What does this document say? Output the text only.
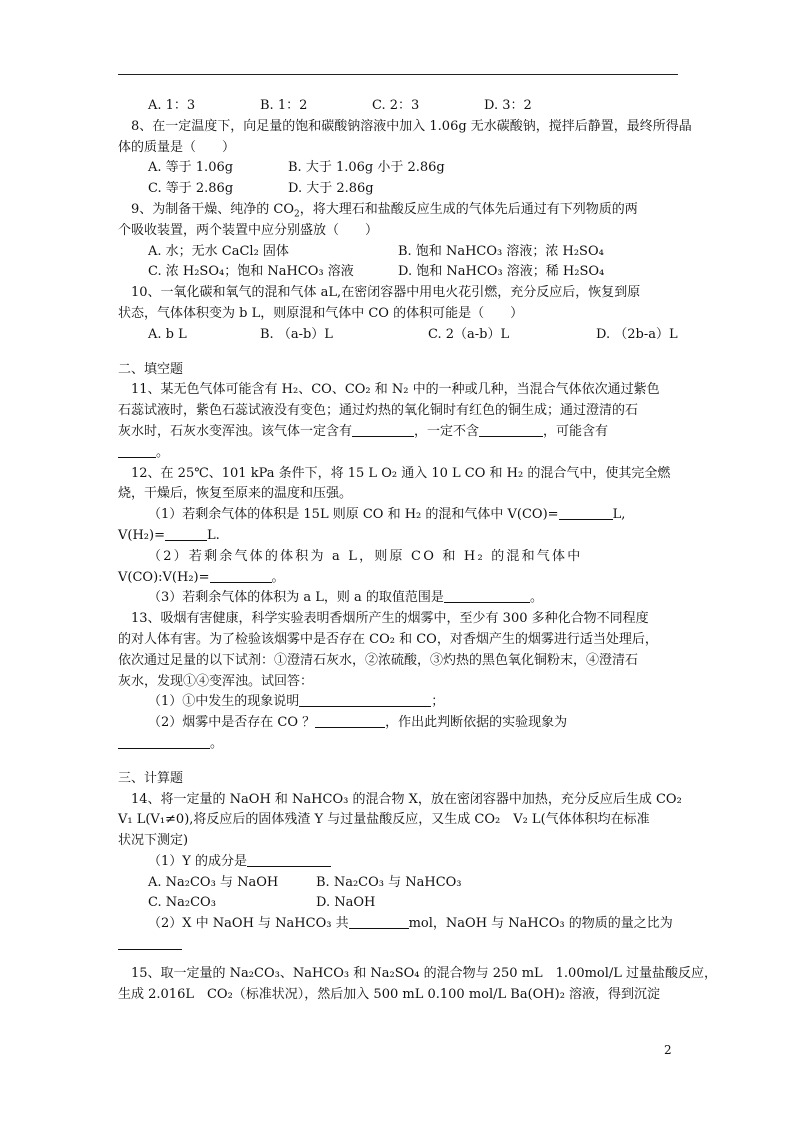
A. 1：3	B. 1：2	C. 2：3	D. 3：2
8、在一定温度下，向足量的饱和碳酸钠溶液中加入 1.06g 无水碳酸钠，搅拌后静置，最终所得晶
体的质量是（　　）
A. 等于 1.06g	B. 大于 1.06g 小于 2.86g
C. 等于 2.86g	D. 大于 2.86g
9、为制备干燥、纯净的 $CO_2$，将大理石和盐酸反应生成的气体先后通过有下列物质的两
个吸收装置，两个装置中应分别盛放（　　）
A. 水；无水 CaCl₂ 固体	B. 饱和 NaHCO₃ 溶液；浓 H₂SO₄
C. 浓 H₂SO₄；饱和 NaHCO₃ 溶液	D. 饱和 NaHCO₃ 溶液；稀 H₂SO₄
10、一氧化碳和氧气的混和气体 aL,在密闭容器中用电火花引燃，充分反应后，恢复到原
状态，气体体积变为 b L，则原混和气体中 CO 的体积可能是（　　）
A. b L	B. （a-b）L	C. 2（a-b）L	D. （2b-a）L
二、填空题
11、某无色气体可能含有 H₂、CO、CO₂ 和 N₂ 中的一种或几种，当混合气体依次通过紫色
石蕊试液时，紫色石蕊试液没有变色；通过灼热的氧化铜时有红色的铜生成；通过澄清的石
灰水时，石灰水变浑浊。该气体一定含有	，一定不含	，可能含有
。
12、在 25℃、101 kPa 条件下，将 15 L O₂ 通入 10 L CO 和 H₂ 的混合气中，使其完全燃
烧，干燥后，恢复至原来的温度和压强。
（1）若剩余气体的体积是 15L 则原 CO 和 H₂ 的混和气体中 V(CO)=	L,
V(H₂)=	L.
（2）若剩余气体的体积为 a L，则原 CO 和 H₂ 的混和气体中
V(CO):V(H₂)=	。
（3）若剩余气体的体积为 a L，则 a 的取值范围是	。
13、吸烟有害健康，科学实验表明香烟所产生的烟雾中，至少有 300 多种化合物不同程度
的对人体有害。为了检验该烟雾中是否存在 CO₂ 和 CO，对香烟产生的烟雾进行适当处理后，
依次通过足量的以下试剂：①澄清石灰水，②浓硫酸，③灼热的黑色氧化铜粉末，④澄清石
灰水，发现①④变浑浊。试回答：
（1）①中发生的现象说明	；
（2）烟雾中是否存在 CO ？	，作出此判断依据的实验现象为
。
三、计算题
14、将一定量的 NaOH 和 NaHCO₃ 的混合物 X，放在密闭容器中加热，充分反应后生成 CO₂
V₁ L(V₁≠0),将反应后的固体残渣 Y 与过量盐酸反应，又生成 CO₂　V₂ L(气体体积均在标准
状况下测定)
（1）Y 的成分是
A. Na₂CO₃ 与 NaOH	B. Na₂CO₃ 与 NaHCO₃
C. Na₂CO₃	D. NaOH
（2）X 中 NaOH 与 NaHCO₃ 共	mol，NaOH 与 NaHCO₃ 的物质的量之比为
15、取一定量的 Na₂CO₃、NaHCO₃ 和 Na₂SO₄ 的混合物与 250 mL　1.00mol/L 过量盐酸反应，
生成 2.016L　CO₂（标准状况），然后加入 500 mL 0.100 mol/L Ba(OH)₂ 溶液，得到沉淀
2
